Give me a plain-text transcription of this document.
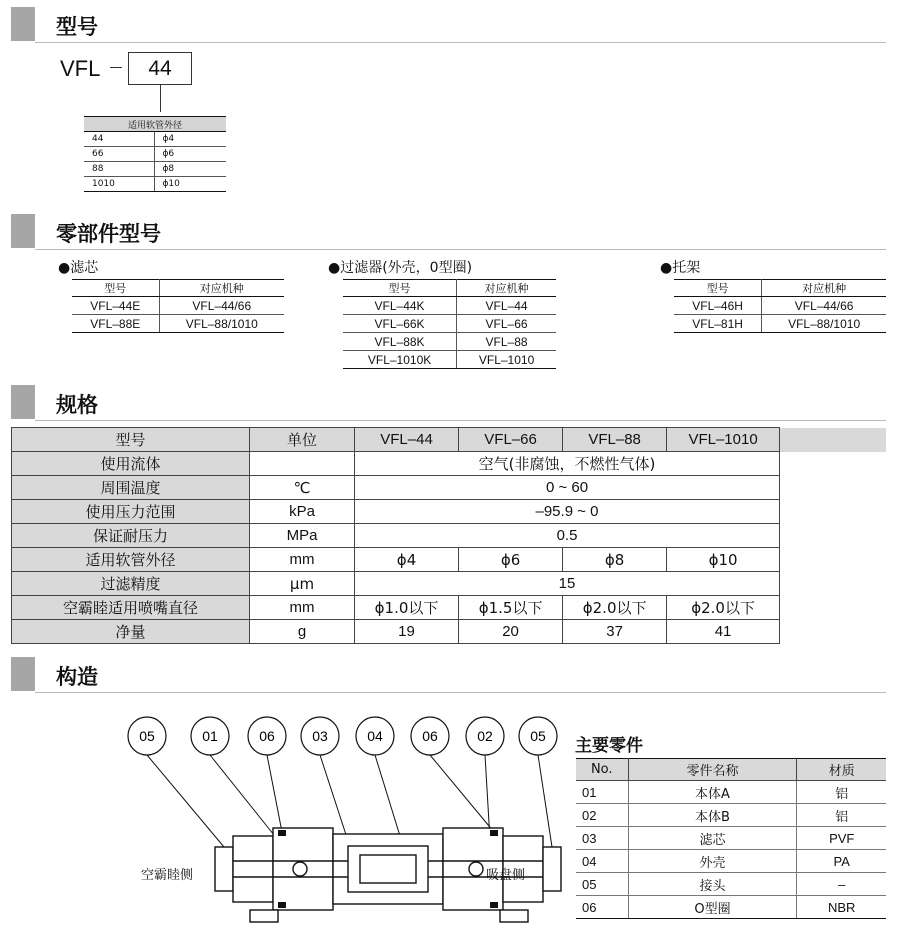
型号
VFL	44
适用软管外径	
44	ϕ4
66	ϕ6
88	ϕ8
1010	ϕ10
零部件型号
●滤芯
型号	对应机种
VFL–44E	VFL–44/66
VFL–88E	VFL–88/1010
●过滤器(外壳，0型圈)
型号	对应机种
VFL–44K	VFL–44
VFL–66K	VFL–66
VFL–88K	VFL–88
VFL–1010K	VFL–1010
●托架
型号	对应机种
VFL–46H	VFL–44/66
VFL–81H	VFL–88/1010
规格
型号	单位	VFL–44	VFL–66	VFL–88	VFL–1010	
使用流体		空气(非腐蚀，不燃性气体)				
周围温度	℃	0 ~ 60				
使用压力范围	kPa	–95.9 ~ 0				
保证耐压力	MPa	0.5				
适用软管外径	mm	ϕ4	ϕ6	ϕ8	ϕ10	
过滤精度	μm	15				
空霸睦适用喷嘴直径	mm	ϕ1.0以下	ϕ1.5以下	ϕ2.0以下	ϕ2.0以下	
净量	g	19	20	37	41	
构造
05	01	06	03	04	06	02	05
空霸睦侧	吸盘侧
主要零件
No.	零件名称	材质
01	本体A	铝
02	本体B	铝
03	滤芯	PVF
04	外壳	PA
05	接头	–
06	O型圈	NBR
